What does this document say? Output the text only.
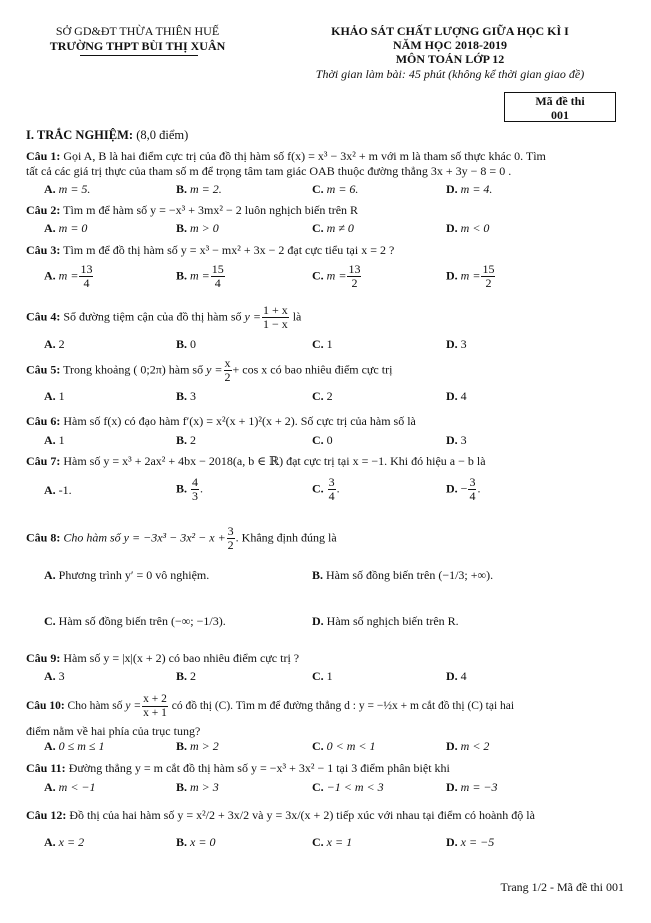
SỞ GD&ĐT THỪA THIÊN HUẾ
TRƯỜNG THPT BÙI THỊ XUÂN
KHẢO SÁT CHẤT LƯỢNG GIỮA HỌC KÌ I
NĂM HỌC 2018-2019
MÔN TOÁN LỚP 12
Thời gian làm bài: 45 phút (không kể thời gian giao đề)
Mã đề thi
001
I. TRẮC NGHIỆM: (8,0 điểm)
Câu 1: Gọi A, B là hai điểm cực trị của đồ thị hàm số f(x) = x³ − 3x² + m với m là tham số thực khác 0. Tìm
tất cả các giá trị thực của tham số m để trọng tâm tam giác OAB thuộc đường thẳng 3x + 3y − 8 = 0 .
A. m = 5.	B. m = 2.	C. m = 6.	D. m = 4.
Câu 2: Tìm m để hàm số y = −x³ + 3mx² − 2 luôn nghịch biến trên R
A. m = 0	B. m > 0	C. m ≠ 0	D. m < 0
Câu 3: Tìm m để đồ thị hàm số y = x³ − mx² + 3x − 2 đạt cực tiểu tại x = 2 ?
A. $m = \frac{13}{4}$	B. $m = \frac{15}{4}$	C. $m = \frac{13}{2}$	D. $m = \frac{15}{2}$
Câu 4: Số đường tiệm cận của đồ thị hàm số $y = \frac{1 + x}{1 - x}$ là
A. 2	B. 0	C. 1	D. 3
Câu 5: Trong khoảng ( 0;2π) hàm số $y = \frac{x}{2} + \cos x$ có bao nhiêu điểm cực trị
A. 1	B. 3	C. 2	D. 4
Câu 6: Hàm số f(x) có đạo hàm f′(x) = x²(x + 1)²(x + 2). Số cực trị của hàm số là
A. 1	B. 2	C. 0	D. 3
Câu 7: Hàm số y = x³ + 2ax² + 4bx − 2018(a, b ∈ ℝ) đạt cực trị tại x = −1. Khi đó hiệu a − b là
A. -1.	B. $\frac{4}{3}$ .	C. $\frac{3}{4}$ .	D. − $\frac{3}{4}$ .
Câu 8: Cho hàm số $y = -3x^3 - 3x^2 - x + \frac{3}{2}$ . Khẳng định đúng là
A. Phương trình y′ = 0 vô nghiệm.	B. Hàm số đồng biến trên (−1/3; +∞).
C. Hàm số đồng biến trên (−∞; −1/3).	D. Hàm số nghịch biến trên R.
Câu 9: Hàm số y = |x|(x + 2) có bao nhiêu điểm cực trị ?
A. 3	B. 2	C. 1	D. 4
Câu 10: Cho hàm số $y = \frac{x + 2}{x + 1}$ có đồ thị (C). Tìm m để đường thẳng d : y = −½x + m cắt đồ thị (C) tại hai
điểm nằm về hai phía của trục tung?
A. 0 ≤ m ≤ 1	B. m > 2	C. 0 < m < 1	D. m < 2
Câu 11: Đường thẳng y = m cắt đồ thị hàm số y = −x³ + 3x² − 1 tại 3 điểm phân biệt khi
A. m < −1	B. m > 3	C. −1 < m < 3	D. m = −3
Câu 12: Đồ thị của hai hàm số y = x²/2 + 3x/2 và y = 3x/(x + 2) tiếp xúc với nhau tại điểm có hoành độ là
A. x = 2	B. x = 0	C. x = 1	D. x = −5
Trang 1/2 - Mã đề thi 001
